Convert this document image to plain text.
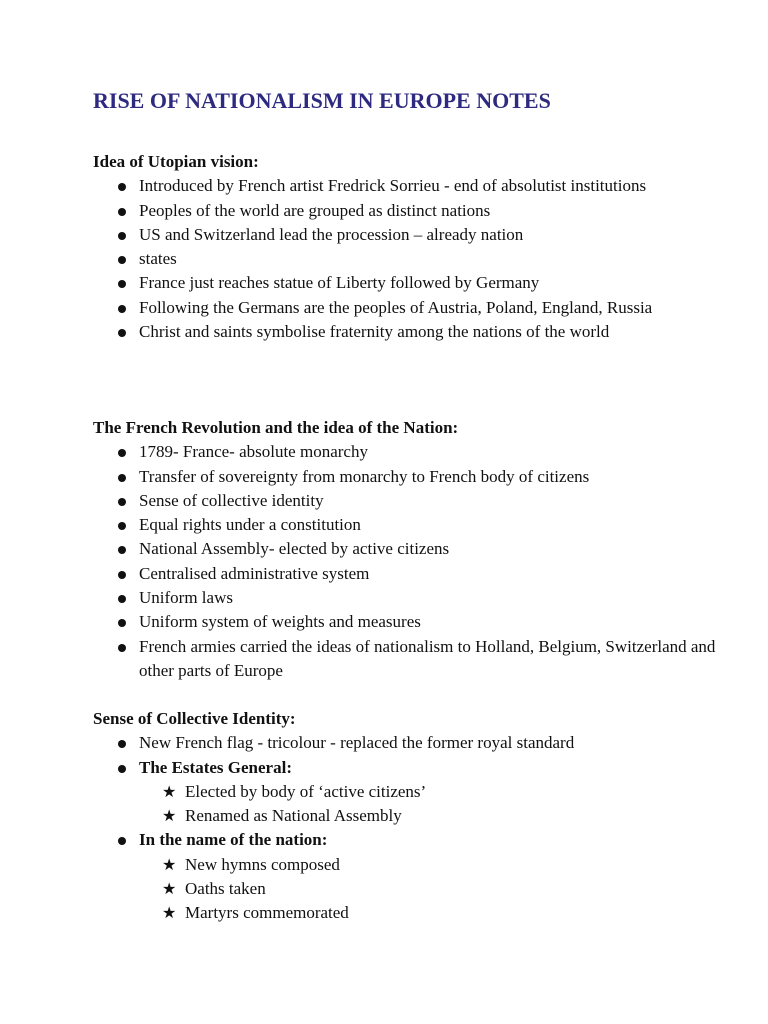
RISE OF NATIONALISM IN EUROPE NOTES
Idea of Utopian vision:
Introduced by French artist Fredrick Sorrieu - end of absolutist institutions
Peoples of the world are grouped as distinct nations
US and Switzerland lead the procession – already nation
states
France just reaches statue of Liberty followed by Germany
Following the Germans are the peoples of Austria, Poland, England, Russia
Christ and saints symbolise fraternity among the nations of the world
The French Revolution and the idea of the Nation:
1789- France- absolute monarchy
Transfer of sovereignty from monarchy to French body of citizens
Sense of collective identity
Equal rights under a constitution
National Assembly- elected by active citizens
Centralised administrative system
Uniform laws
Uniform system of weights and measures
French armies carried the ideas of nationalism to Holland, Belgium, Switzerland and other parts of Europe
Sense of Collective Identity:
New French flag - tricolour - replaced the former royal standard
The Estates General:
★ Elected by body of ‘active citizens’
★ Renamed as National Assembly
In the name of the nation:
★ New hymns composed
★ Oaths taken
★ Martyrs commemorated
